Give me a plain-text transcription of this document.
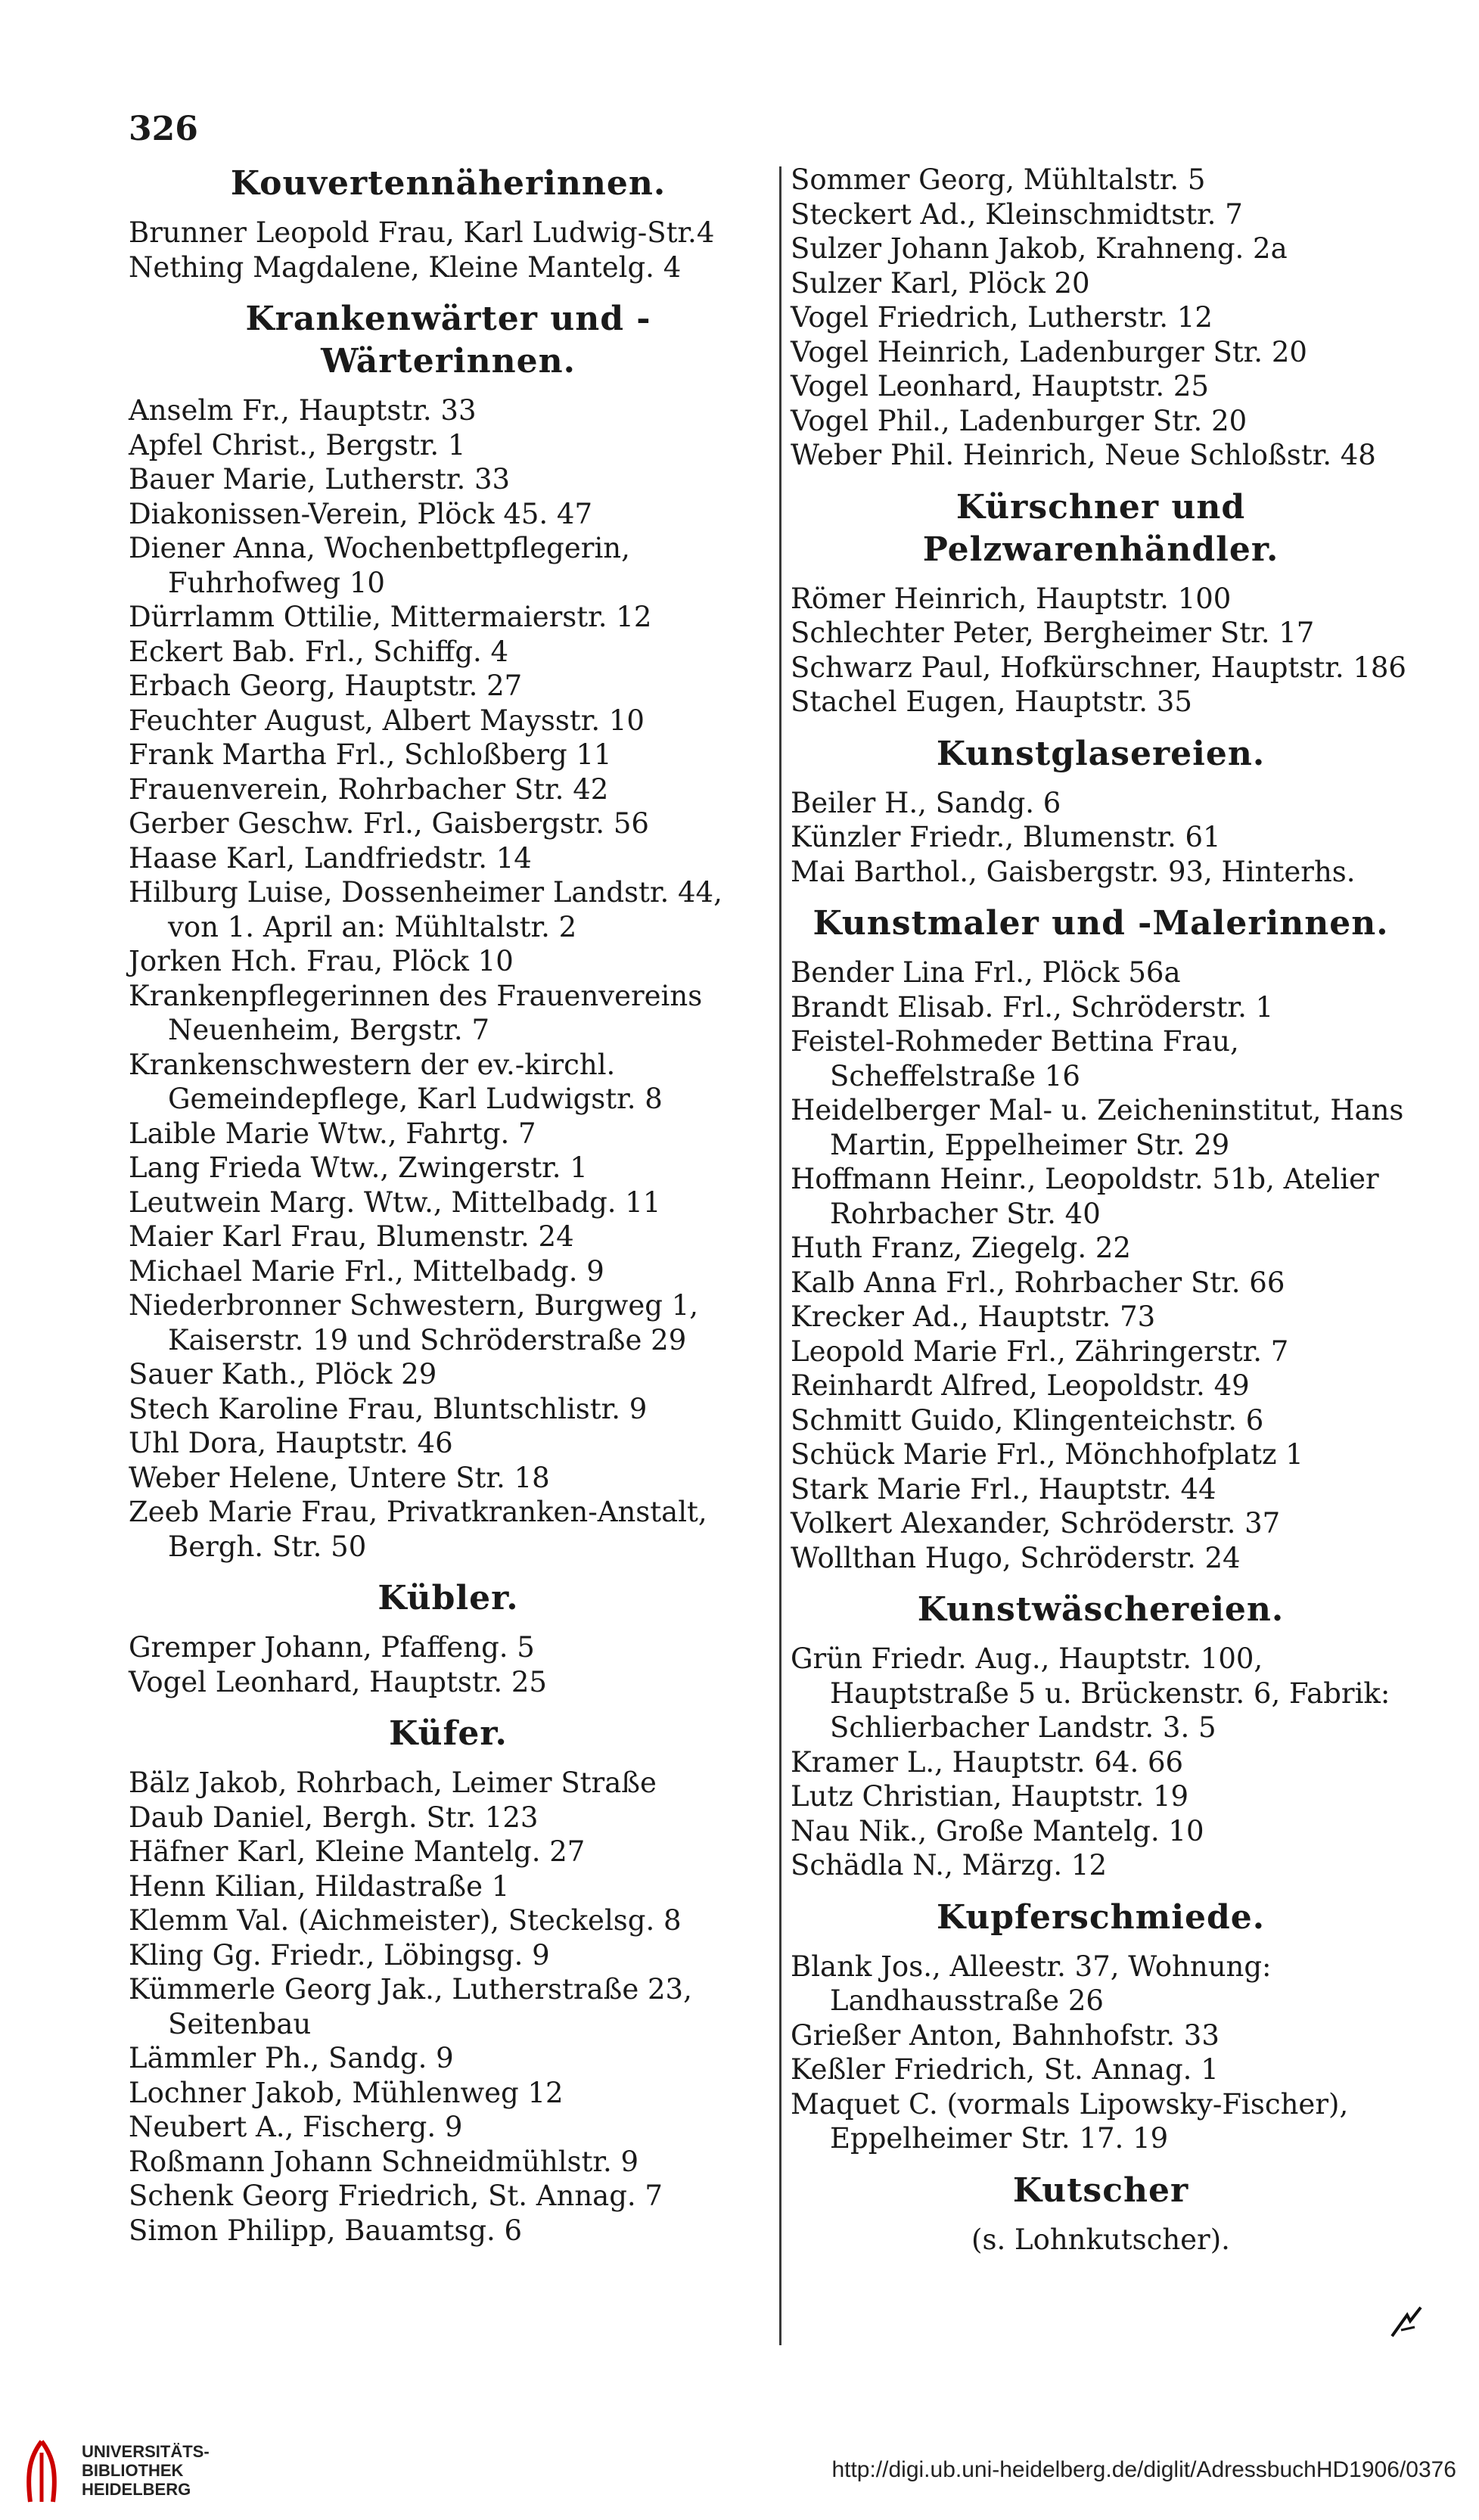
326
Kouvertennäherinnen.
Brunner Leopold Frau, Karl Ludwig-Str.4
Nething Magdalene, Kleine Mantelg. 4
Krankenwärter und -Wärterinnen.
Anselm Fr., Hauptstr. 33
Apfel Christ., Bergstr. 1
Bauer Marie, Lutherstr. 33
Diakonissen-Verein, Plöck 45. 47
Diener Anna, Wochenbettpflegerin, Fuhrhofweg 10
Dürrlamm Ottilie, Mittermaierstr. 12
Eckert Bab. Frl., Schiffg. 4
Erbach Georg, Hauptstr. 27
Feuchter August, Albert Maysstr. 10
Frank Martha Frl., Schloßberg 11
Frauenverein, Rohrbacher Str. 42
Gerber Geschw. Frl., Gaisbergstr. 56
Haase Karl, Landfriedstr. 14
Hilburg Luise, Dossenheimer Landstr. 44, von 1. April an: Mühltalstr. 2
Jorken Hch. Frau, Plöck 10
Krankenpflegerinnen des Frauenvereins Neuenheim, Bergstr. 7
Krankenschwestern der ev.-kirchl. Gemeindepflege, Karl Ludwigstr. 8
Laible Marie Wtw., Fahrtg. 7
Lang Frieda Wtw., Zwingerstr. 1
Leutwein Marg. Wtw., Mittelbadg. 11
Maier Karl Frau, Blumenstr. 24
Michael Marie Frl., Mittelbadg. 9
Niederbronner Schwestern, Burgweg 1, Kaiserstr. 19 und Schröderstraße 29
Sauer Kath., Plöck 29
Stech Karoline Frau, Bluntschlistr. 9
Uhl Dora, Hauptstr. 46
Weber Helene, Untere Str. 18
Zeeb Marie Frau, Privatkranken-Anstalt, Bergh. Str. 50
Kübler.
Gremper Johann, Pfaffeng. 5
Vogel Leonhard, Hauptstr. 25
Küfer.
Bälz Jakob, Rohrbach, Leimer Straße
Daub Daniel, Bergh. Str. 123
Häfner Karl, Kleine Mantelg. 27
Henn Kilian, Hildastraße 1
Klemm Val. (Aichmeister), Steckelsg. 8
Kling Gg. Friedr., Löbingsg. 9
Kümmerle Georg Jak., Lutherstraße 23, Seitenbau
Lämmler Ph., Sandg. 9
Lochner Jakob, Mühlenweg 12
Neubert A., Fischerg. 9
Roßmann Johann Schneidmühlstr. 9
Schenk Georg Friedrich, St. Annag. 7
Simon Philipp, Bauamtsg. 6
Sommer Georg, Mühltalstr. 5
Steckert Ad., Kleinschmidtstr. 7
Sulzer Johann Jakob, Krahneng. 2a
Sulzer Karl, Plöck 20
Vogel Friedrich, Lutherstr. 12
Vogel Heinrich, Ladenburger Str. 20
Vogel Leonhard, Hauptstr. 25
Vogel Phil., Ladenburger Str. 20
Weber Phil. Heinrich, Neue Schloßstr. 48
Kürschner und Pelzwarenhändler.
Römer Heinrich, Hauptstr. 100
Schlechter Peter, Bergheimer Str. 17
Schwarz Paul, Hofkürschner, Hauptstr. 186
Stachel Eugen, Hauptstr. 35
Kunstglasereien.
Beiler H., Sandg. 6
Künzler Friedr., Blumenstr. 61
Mai Barthol., Gaisbergstr. 93, Hinterhs.
Kunstmaler und -Malerinnen.
Bender Lina Frl., Plöck 56a
Brandt Elisab. Frl., Schröderstr. 1
Feistel-Rohmeder Bettina Frau, Scheffelstraße 16
Heidelberger Mal- u. Zeicheninstitut, Hans Martin, Eppelheimer Str. 29
Hoffmann Heinr., Leopoldstr. 51b, Atelier Rohrbacher Str. 40
Huth Franz, Ziegelg. 22
Kalb Anna Frl., Rohrbacher Str. 66
Krecker Ad., Hauptstr. 73
Leopold Marie Frl., Zähringerstr. 7
Reinhardt Alfred, Leopoldstr. 49
Schmitt Guido, Klingenteichstr. 6
Schück Marie Frl., Mönchhofplatz 1
Stark Marie Frl., Hauptstr. 44
Volkert Alexander, Schröderstr. 37
Wollthan Hugo, Schröderstr. 24
Kunstwäschereien.
Grün Friedr. Aug., Hauptstr. 100, Hauptstraße 5 u. Brückenstr. 6, Fabrik: Schlierbacher Landstr. 3. 5
Kramer L., Hauptstr. 64. 66
Lutz Christian, Hauptstr. 19
Nau Nik., Große Mantelg. 10
Schädla N., Märzg. 12
Kupferschmiede.
Blank Jos., Alleestr. 37, Wohnung: Landhausstraße 26
Grießer Anton, Bahnhofstr. 33
Keßler Friedrich, St. Annag. 1
Maquet C. (vormals Lipowsky-Fischer), Eppelheimer Str. 17. 19
Kutscher
(s. Lohnkutscher).
UNIVERSITÄTS-
BIBLIOTHEK
HEIDELBERG
http://digi.ub.uni-heidelberg.de/diglit/AdressbuchHD1906/0376
